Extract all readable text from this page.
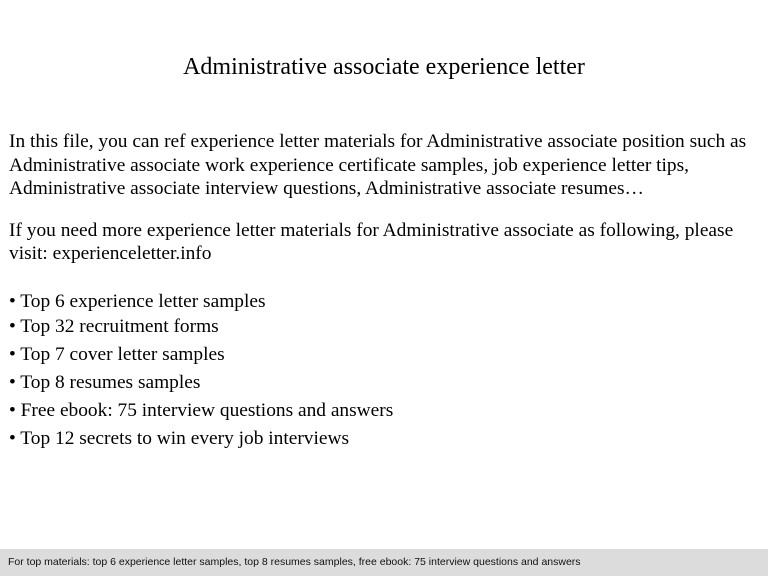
Administrative associate experience letter

In this file, you can ref experience letter materials for Administrative associate position such as Administrative associate work experience certificate samples, job experience letter tips, Administrative associate interview questions, Administrative associate resumes…

If you need more experience letter materials for Administrative associate as following, please visit: experienceletter.info

• Top 6 experience letter samples
• Top 32 recruitment forms
• Top 7 cover letter samples
• Top 8 resumes samples
• Free ebook: 75 interview questions and answers
• Top 12 secrets to win every job interviews
For top materials: top 6 experience letter samples, top 8 resumes samples, free ebook: 75 interview questions and answers
